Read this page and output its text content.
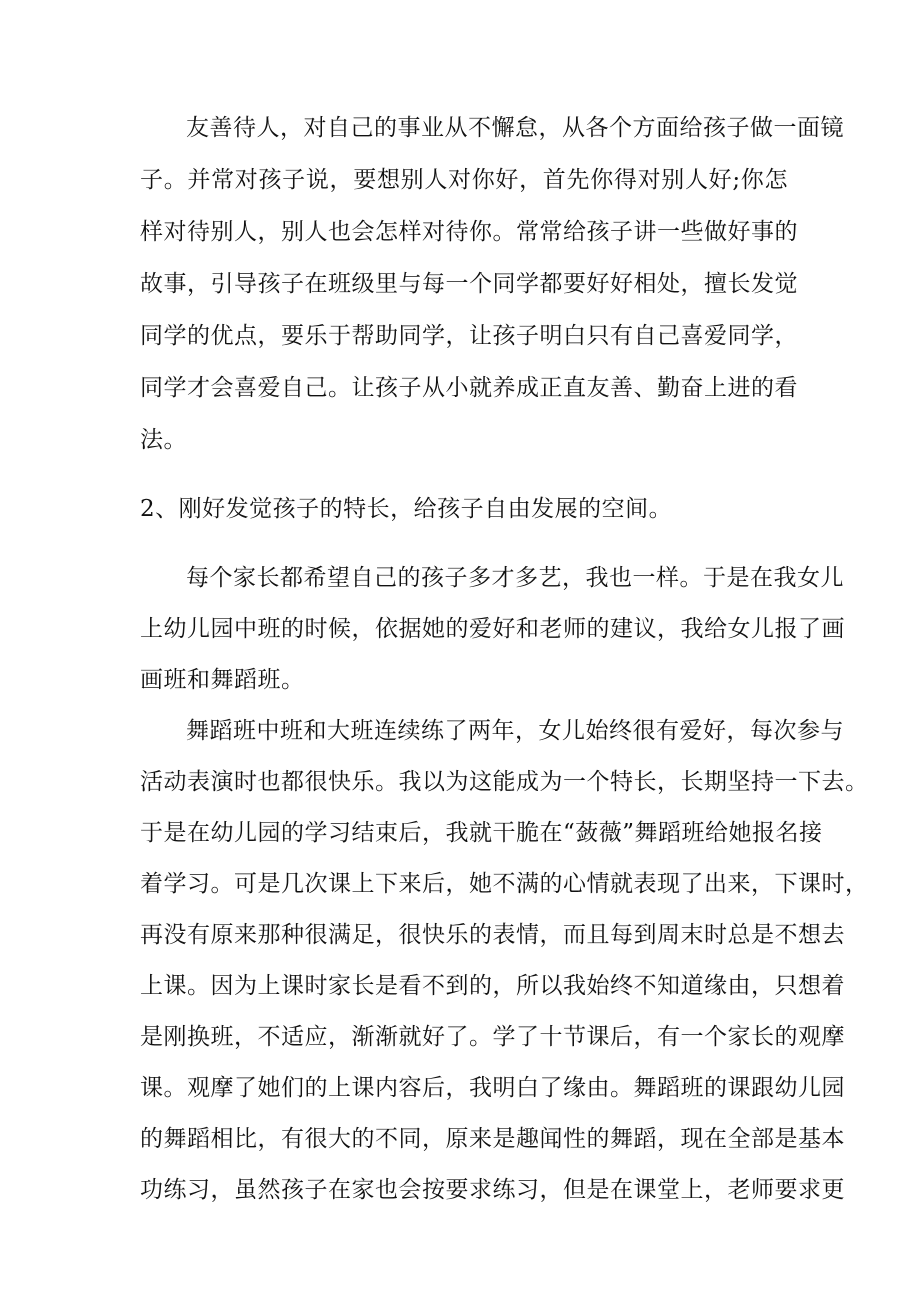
友善待人，对自己的事业从不懈怠，从各个方面给孩子做一面镜
子。并常对孩子说，要想别人对你好，首先你得对别人好;你怎
样对待别人，别人也会怎样对待你。常常给孩子讲一些做好事的
故事，引导孩子在班级里与每一个同学都要好好相处，擅长发觉
同学的优点，要乐于帮助同学，让孩子明白只有自己喜爱同学，
同学才会喜爱自己。让孩子从小就养成正直友善、勤奋上进的看
法。
2、刚好发觉孩子的特长，给孩子自由发展的空间。
每个家长都希望自己的孩子多才多艺，我也一样。于是在我女儿
上幼儿园中班的时候，依据她的爱好和老师的建议，我给女儿报了画
画班和舞蹈班。
舞蹈班中班和大班连续练了两年，女儿始终很有爱好，每次参与
活动表演时也都很快乐。我以为这能成为一个特长，长期坚持一下去。
于是在幼儿园的学习结束后，我就干脆在“蔹薇”舞蹈班给她报名接
着学习。可是几次课上下来后，她不满的心情就表现了出来，下课时，
再没有原来那种很满足，很快乐的表情，而且每到周末时总是不想去
上课。因为上课时家长是看不到的，所以我始终不知道缘由，只想着
是刚换班，不适应，渐渐就好了。学了十节课后，有一个家长的观摩
课。观摩了她们的上课内容后，我明白了缘由。舞蹈班的课跟幼儿园
的舞蹈相比，有很大的不同，原来是趣闻性的舞蹈，现在全部是基本
功练习，虽然孩子在家也会按要求练习，但是在课堂上，老师要求更
